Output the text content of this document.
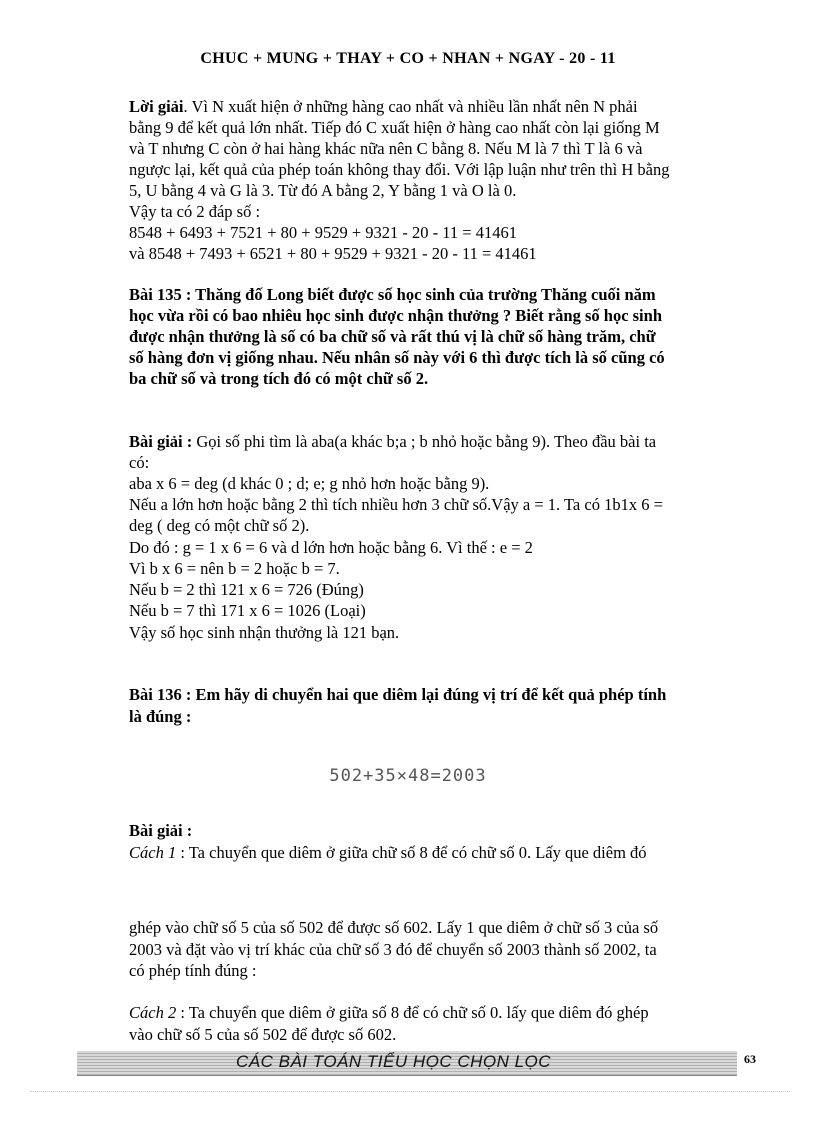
CHUC + MUNG + THAY + CO + NHAN + NGAY - 20 - 11
Lời giải. Vì N xuất hiện ở những hàng cao nhất và nhiều lần nhất nên N phải
bằng 9 để kết quả lớn nhất. Tiếp đó C xuất hiện ở hàng cao nhất còn lại giống M
và T nhưng C còn ở hai hàng khác nữa nên C bằng 8. Nếu M là 7 thì T là 6 và
ngược lại, kết quả của phép toán không thay đổi. Với lập luận như trên thì H bằng
5, U bằng 4 và G là 3. Từ đó A bằng 2, Y bằng 1 và O là 0.
Vậy ta có 2 đáp số :
8548 + 6493 + 7521 + 80 + 9529 + 9321 - 20 - 11 = 41461
và 8548 + 7493 + 6521 + 80 + 9529 + 9321 - 20 - 11 = 41461
Bài 135 : Thăng đố Long biết được số học sinh của trường Thăng cuối năm
học vừa rồi có bao nhiêu học sinh được nhận thưởng ? Biết rằng số học sinh
được nhận thưởng là số có ba chữ số và rất thú vị là chữ số hàng trăm, chữ
số hàng đơn vị giống nhau. Nếu nhân số này với 6 thì được tích là số cũng có
ba chữ số và trong tích đó có một chữ số 2.
Bài giải : Gọi số phi tìm là aba(a khác b;a ; b nhỏ hoặc bằng 9). Theo đầu bài ta
có:
aba x 6 = deg (d khác 0 ; d; e; g nhỏ hơn hoặc bằng 9).
Nếu a lớn hơn hoặc bằng 2 thì tích nhiều hơn 3 chữ số.Vậy a = 1. Ta có 1b1x 6 =
deg ( deg có một chữ số 2).
Do đó : g = 1 x 6 = 6 và d lớn hơn hoặc bằng 6. Vì thế : e = 2
Vì b x 6 = nên b = 2 hoặc b = 7.
Nếu b = 2 thì 121 x 6 = 726 (Đúng)
Nếu b = 7 thì 171 x 6 = 1026 (Loại)
Vậy số học sinh nhận thưởng là 121 bạn.
Bài 136 : Em hãy di chuyển hai que diêm lại đúng vị trí để kết quả phép tính
là đúng :
502+35×48=2003
Bài giải :
Cách 1 : Ta chuyển que diêm ở giữa chữ số 8 để có chữ số 0. Lấy que diêm đó
ghép vào chữ số 5 của số 502 để được số 602. Lấy 1 que diêm ở chữ số 3 của số
2003 và đặt vào vị trí khác của chữ số 3 đó để chuyển số 2003 thành số 2002, ta
có phép tính đúng :
Cách 2 : Ta chuyển que diêm ở giữa số 8 để có chữ số 0. lấy que diêm đó ghép
vào chữ số 5 của số 502 để được số 602.
CÁC BÀI TOÁN TIỂU HỌC CHỌN LỌC	63
